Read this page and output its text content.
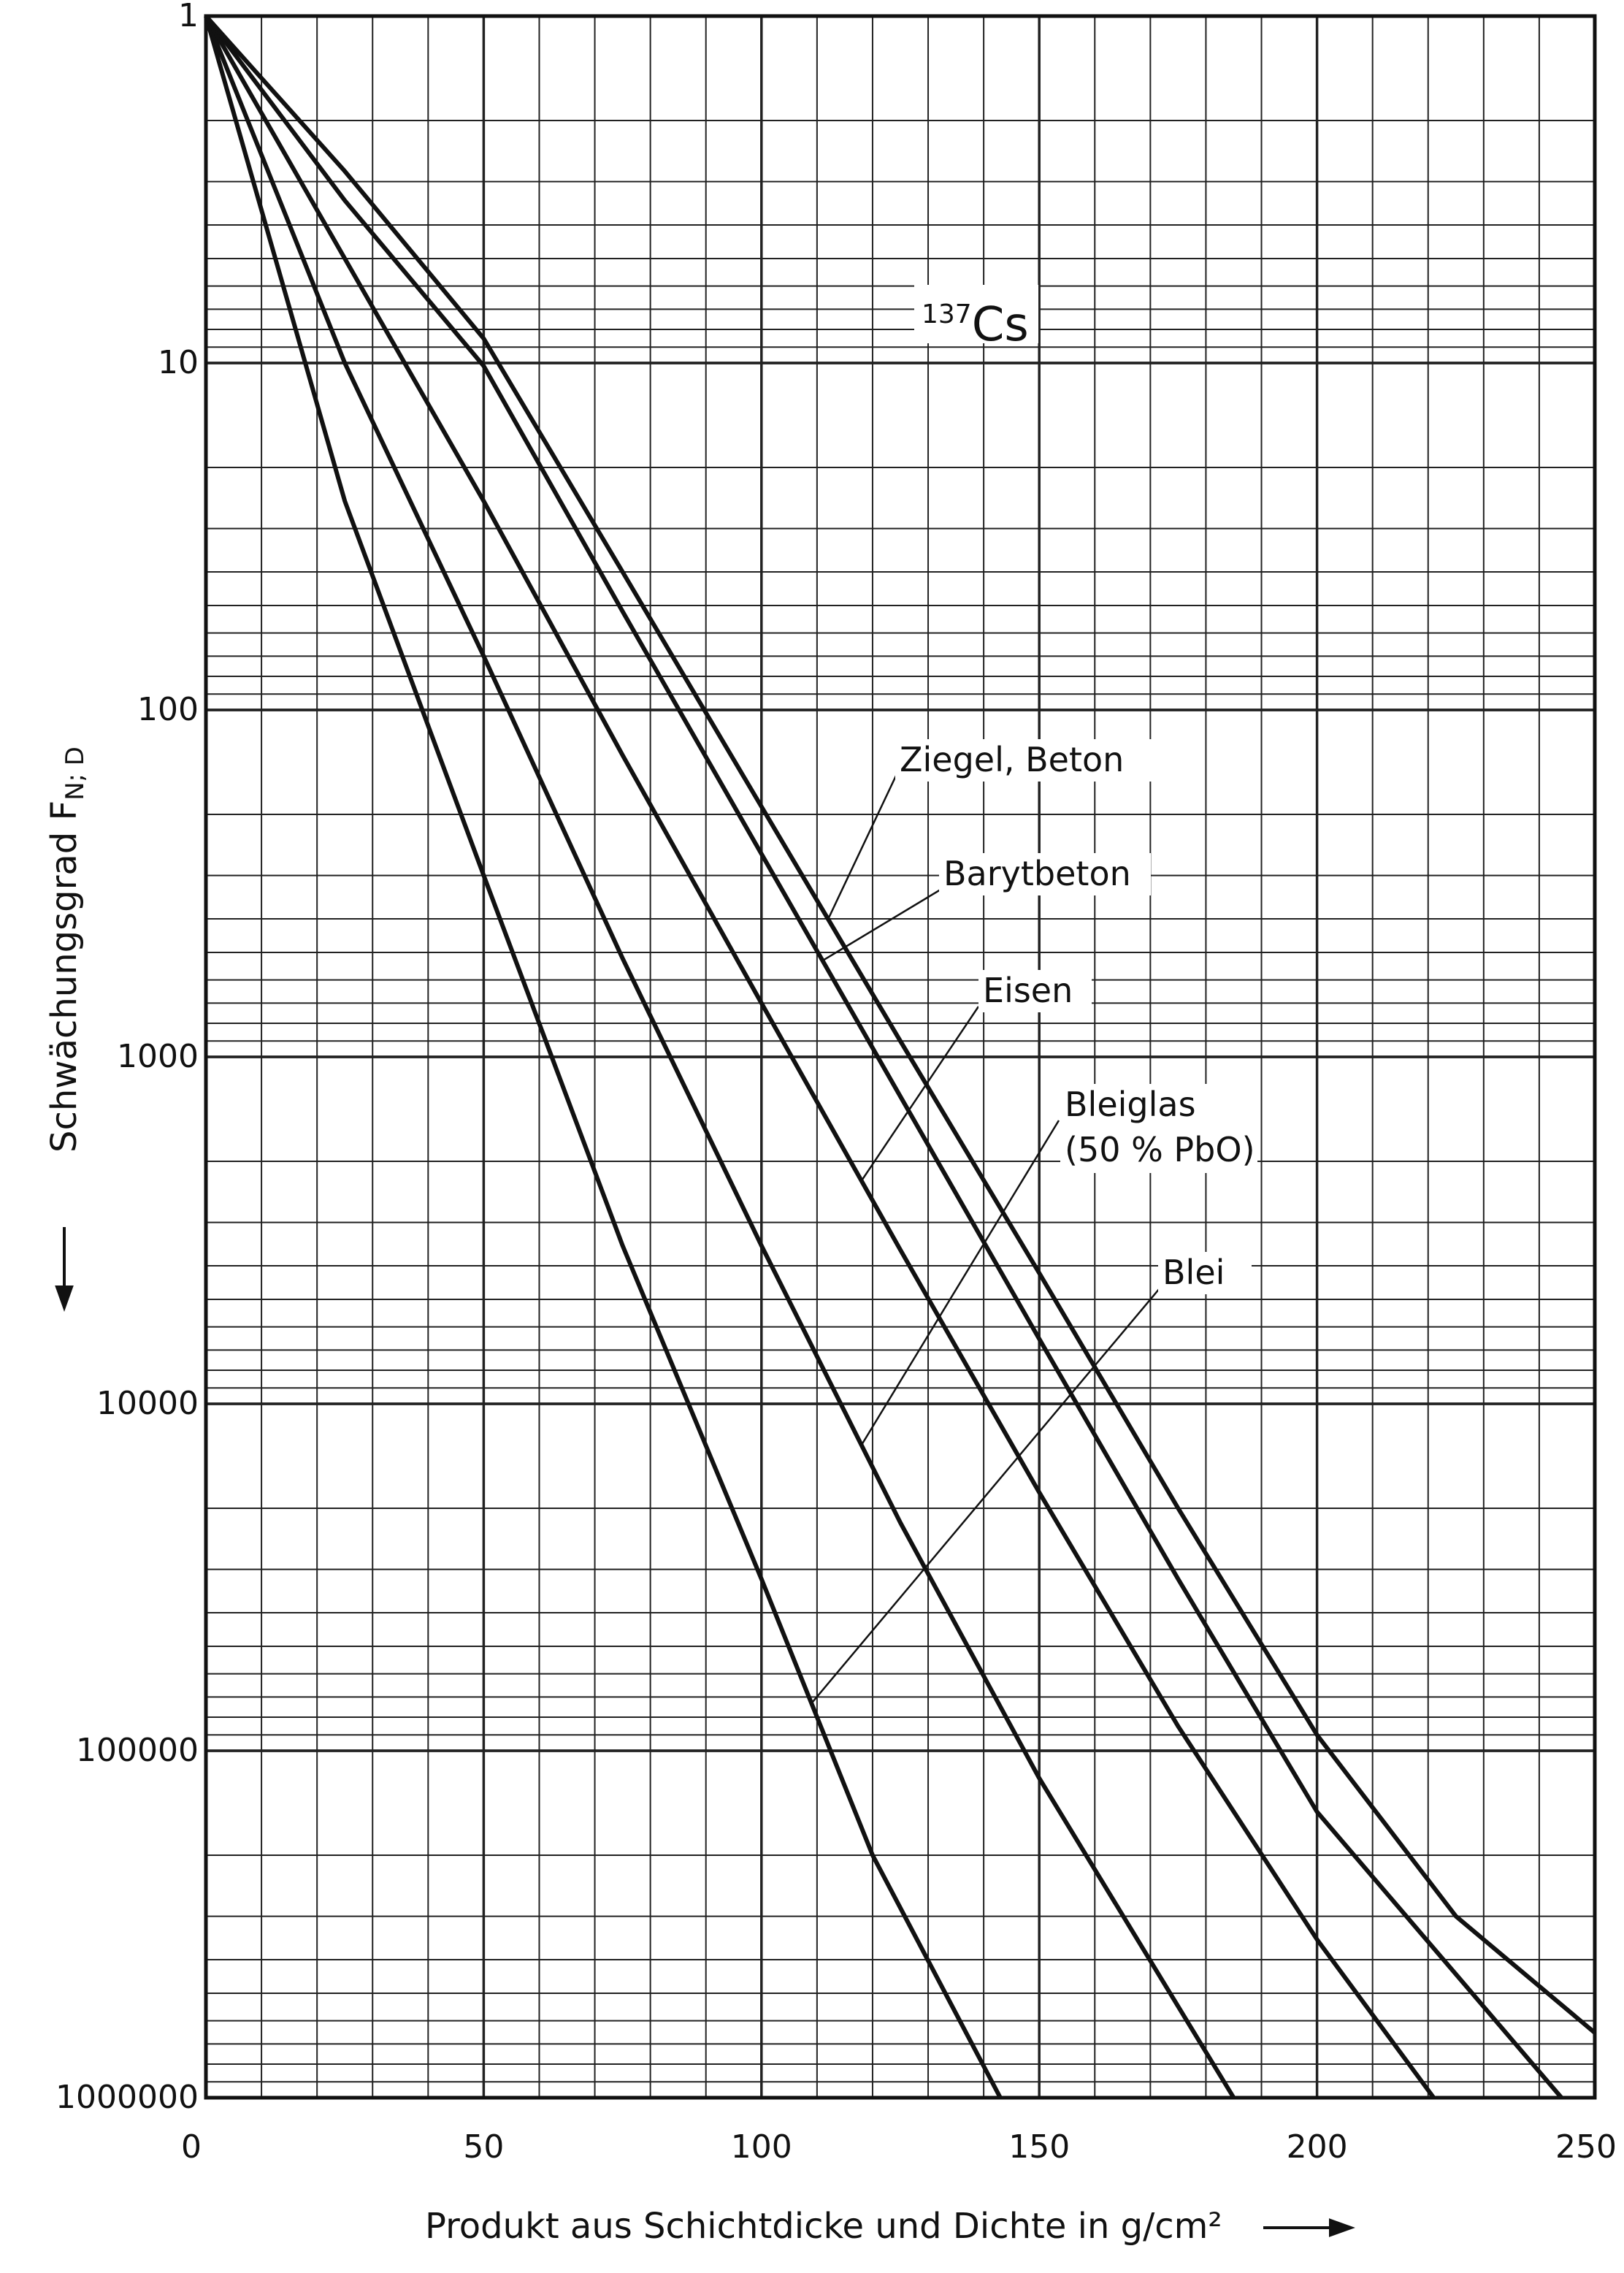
0	50	100	150	200	250
1
10
100
1000
10000
100000
1000000
$^{137}$Cs
Ziegel, Beton
Barytbeton
Eisen
Bleiglas
(50 % PbO)
Blei
Produkt aus Schichtdicke und Dichte in g/cm²
Schwächungsgrad $F_{N; D}$
